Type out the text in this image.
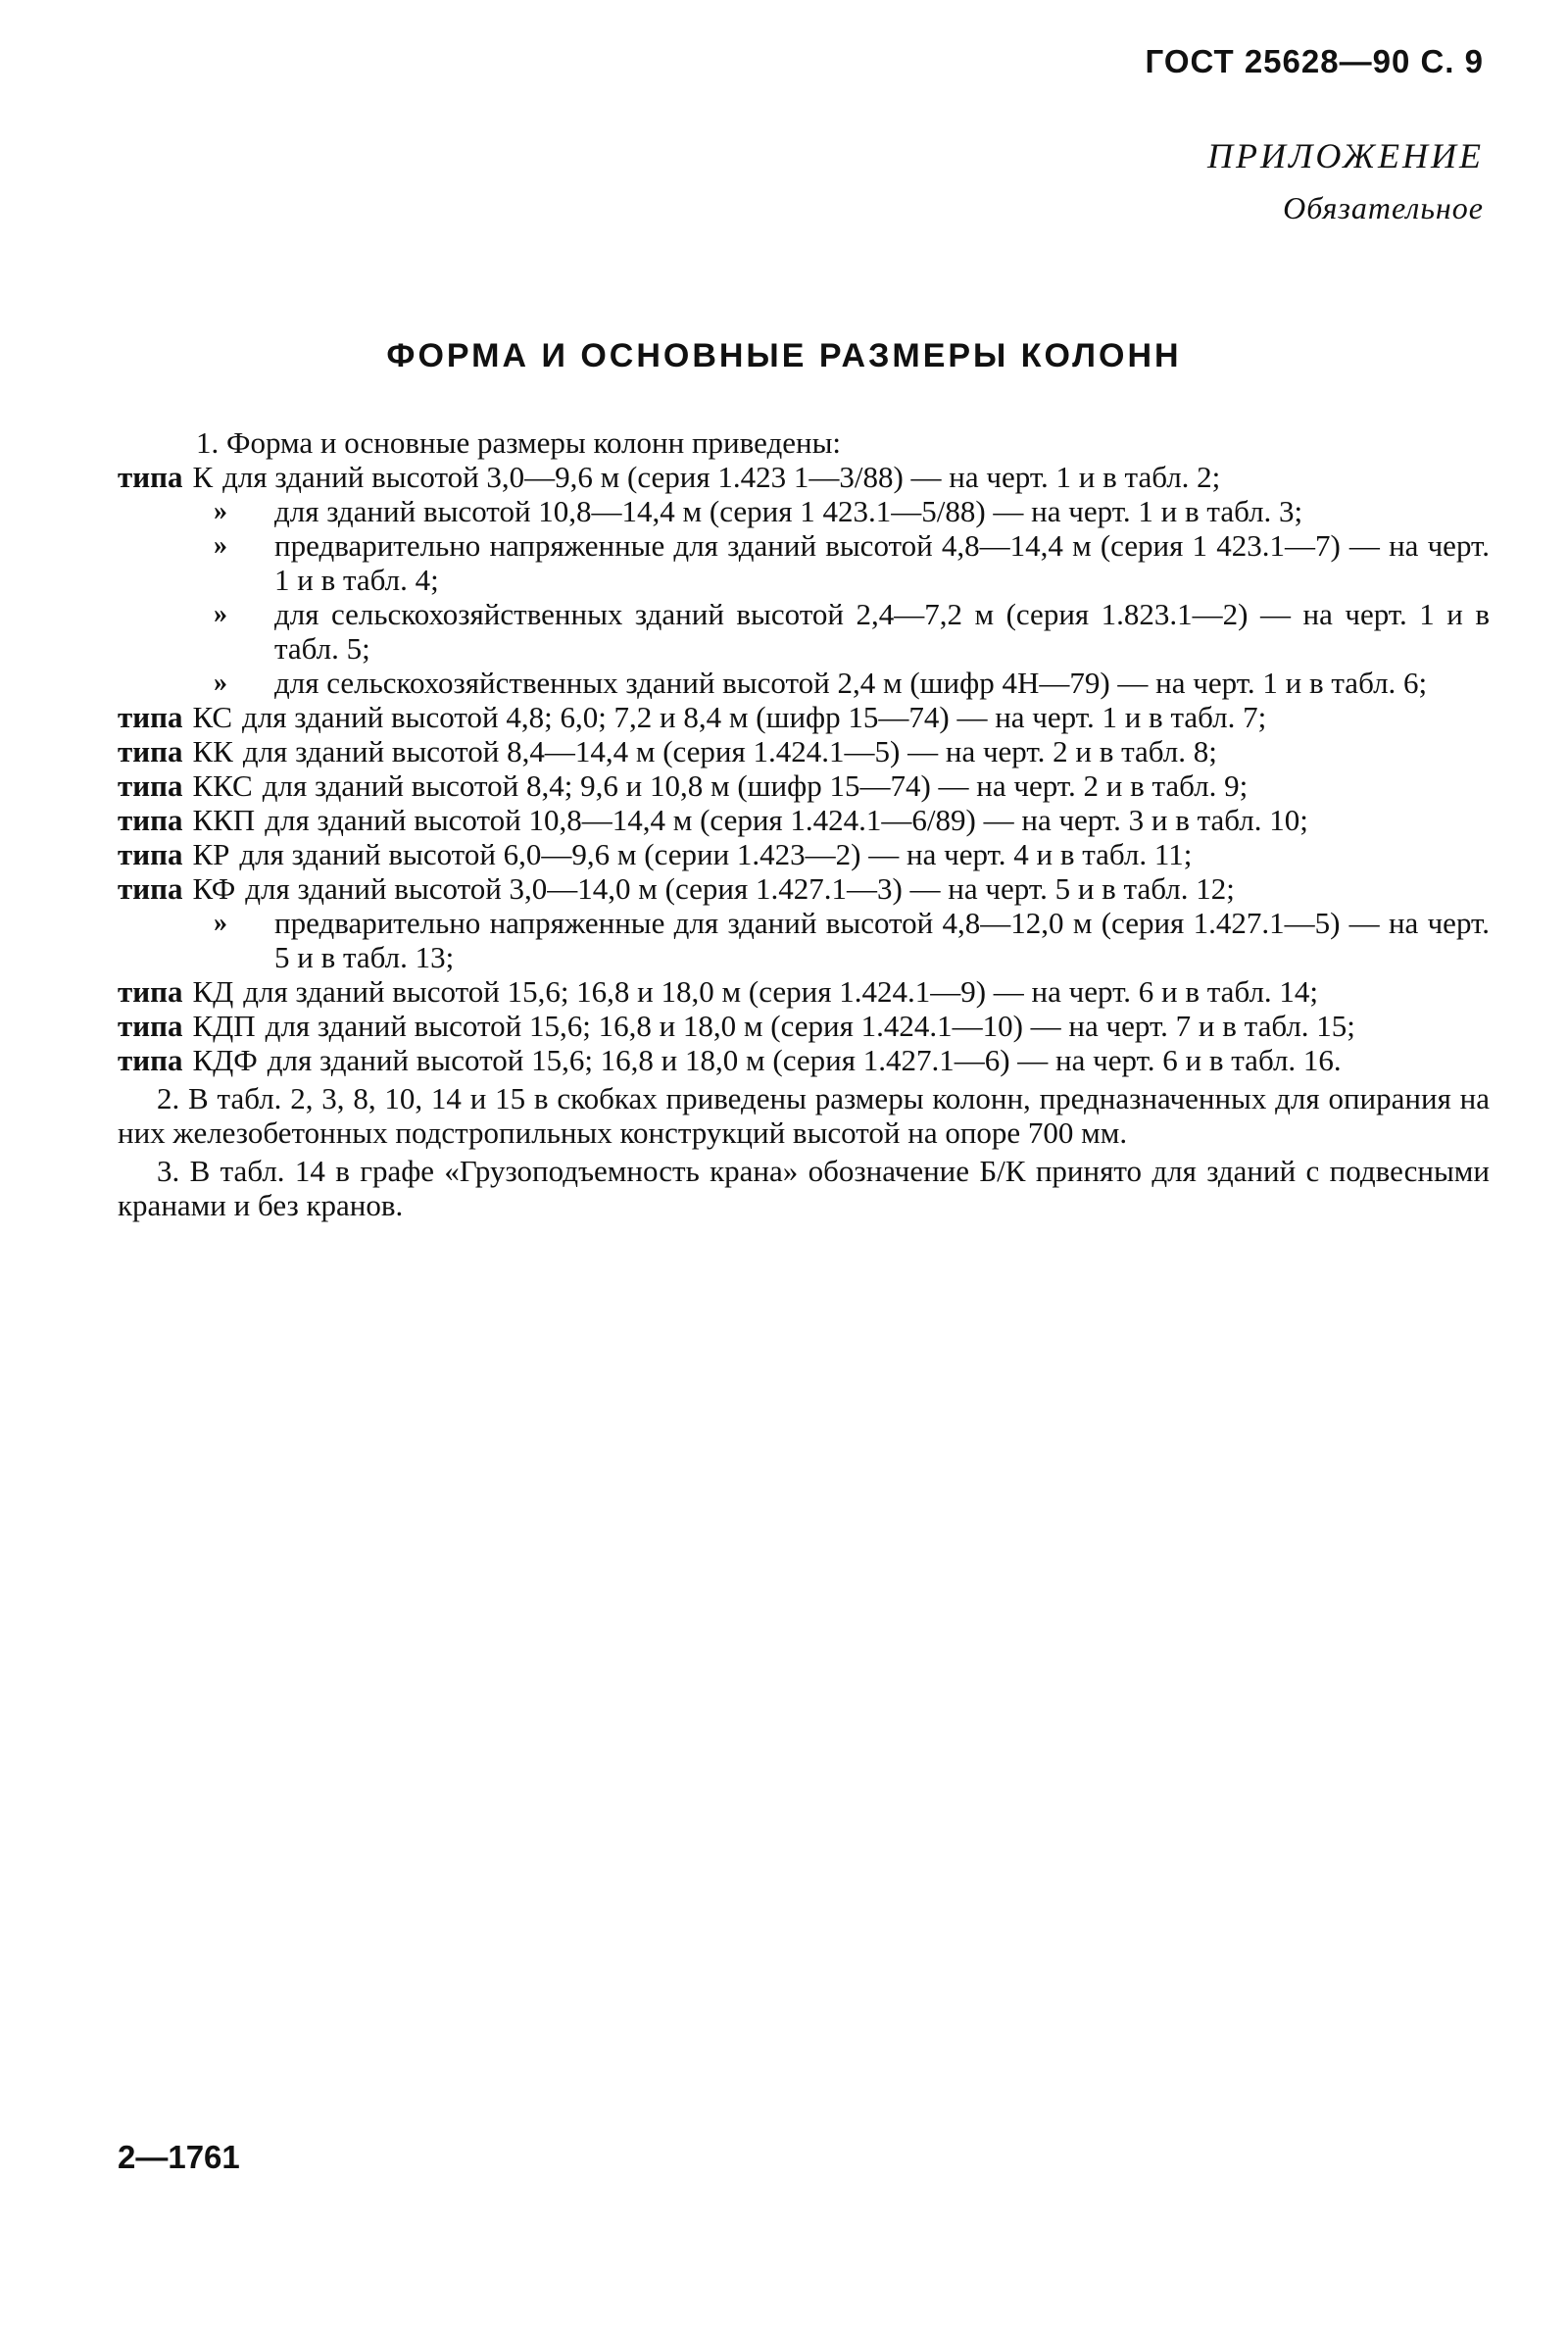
ГОСТ 25628—90 С. 9
ПРИЛОЖЕНИЕ
Обязательное
ФОРМА И ОСНОВНЫЕ РАЗМЕРЫ КОЛОНН
1. Форма и основные размеры колонн приведены:
типа К для зданий высотой 3,0—9,6 м (серия 1.423 1—3/88) — на черт. 1 и в табл. 2;
»	для зданий высотой 10,8—14,4 м (серия 1 423.1—5/88) — на черт. 1 и в табл. 3;
»	предварительно напряженные для зданий высотой 4,8—14,4 м (серия 1 423.1—7) — на черт. 1 и в табл. 4;
»	для сельскохозяйственных зданий высотой 2,4—7,2 м (серия 1.823.1—2) — на черт. 1 и в табл. 5;
»	для сельскохозяйственных зданий высотой 2,4 м (шифр 4Н—79) — на черт. 1 и в табл. 6;
типа КС для зданий высотой 4,8; 6,0; 7,2 и 8,4 м (шифр 15—74) — на черт. 1 и в табл. 7;
типа КК для зданий высотой 8,4—14,4 м (серия 1.424.1—5) — на черт. 2 и в табл. 8;
типа ККС для зданий высотой 8,4; 9,6 и 10,8 м (шифр 15—74) — на черт. 2 и в табл. 9;
типа ККП для зданий высотой 10,8—14,4 м (серия 1.424.1—6/89) — на черт. 3 и в табл. 10;
типа КР для зданий высотой 6,0—9,6 м (серии 1.423—2) — на черт. 4 и в табл. 11;
типа КФ для зданий высотой 3,0—14,0 м (серия 1.427.1—3) — на черт. 5 и в табл. 12;
»	предварительно напряженные для зданий высотой 4,8—12,0 м (серия 1.427.1—5) — на черт. 5 и в табл. 13;
типа КД для зданий высотой 15,6; 16,8 и 18,0 м (серия 1.424.1—9) — на черт. 6 и в табл. 14;
типа КДП для зданий высотой 15,6; 16,8 и 18,0 м (серия 1.424.1—10) — на черт. 7 и в табл. 15;
типа КДФ для зданий высотой 15,6; 16,8 и 18,0 м (серия 1.427.1—6) — на черт. 6 и в табл. 16.
2. В табл. 2, 3, 8, 10, 14 и 15 в скобках приведены размеры колонн, предназначенных для опирания на них железобетонных подстропильных конструкций высотой на опоре 700 мм.
3. В табл. 14 в графе «Грузоподъемность крана» обозначение Б/К принято для зданий с подвесными кранами и без кранов.
2—1761
